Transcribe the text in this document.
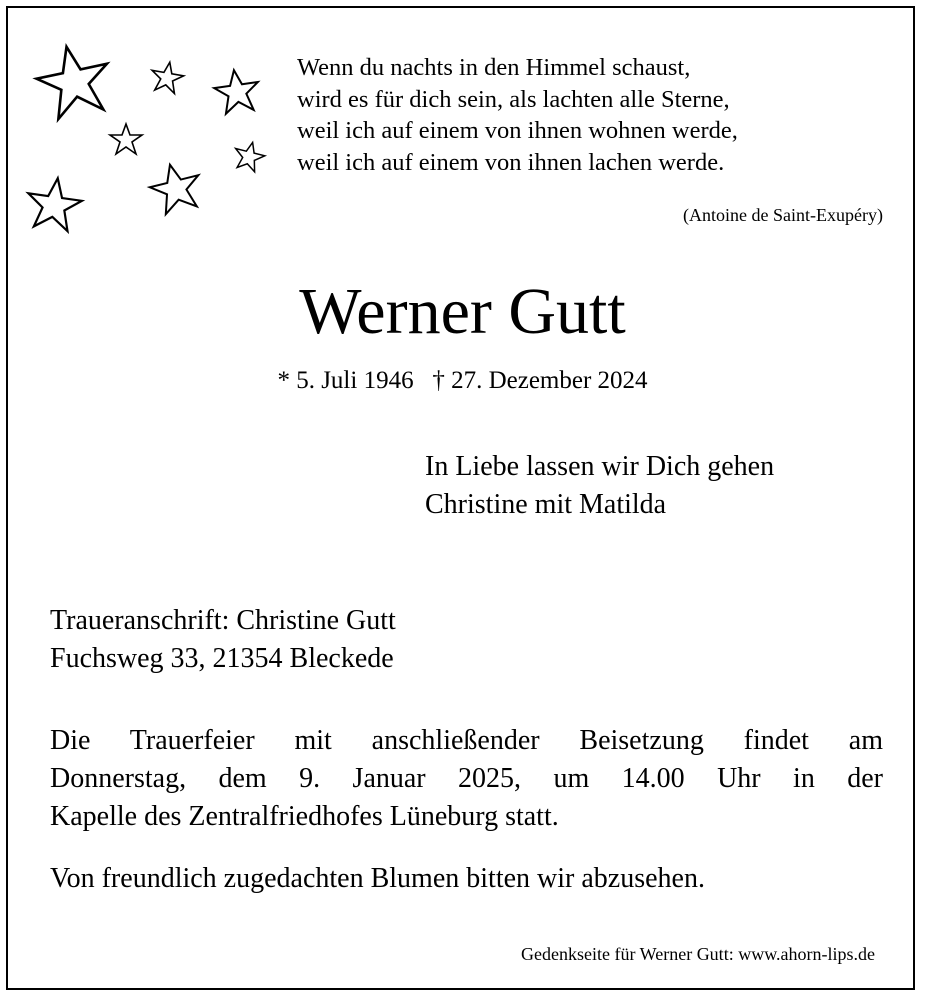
Wenn du nachts in den Himmel schaust,
wird es für dich sein, als lachten alle Sterne,
weil ich auf einem von ihnen wohnen werde,
weil ich auf einem von ihnen lachen werde.
(Antoine de Saint-Exupéry)
Werner Gutt
* 5. Juli 1946   † 27. Dezember 2024
In Liebe lassen wir Dich gehen
Christine mit Matilda
Traueranschrift: Christine Gutt
Fuchsweg 33, 21354 Bleckede
Die Trauerfeier mit anschließender Beisetzung findet am
Donnerstag, dem 9. Januar 2025, um 14.00 Uhr in der
Kapelle des Zentralfriedhofes Lüneburg statt.
Von freundlich zugedachten Blumen bitten wir abzusehen.
Gedenkseite für Werner Gutt: www.ahorn-lips.de
